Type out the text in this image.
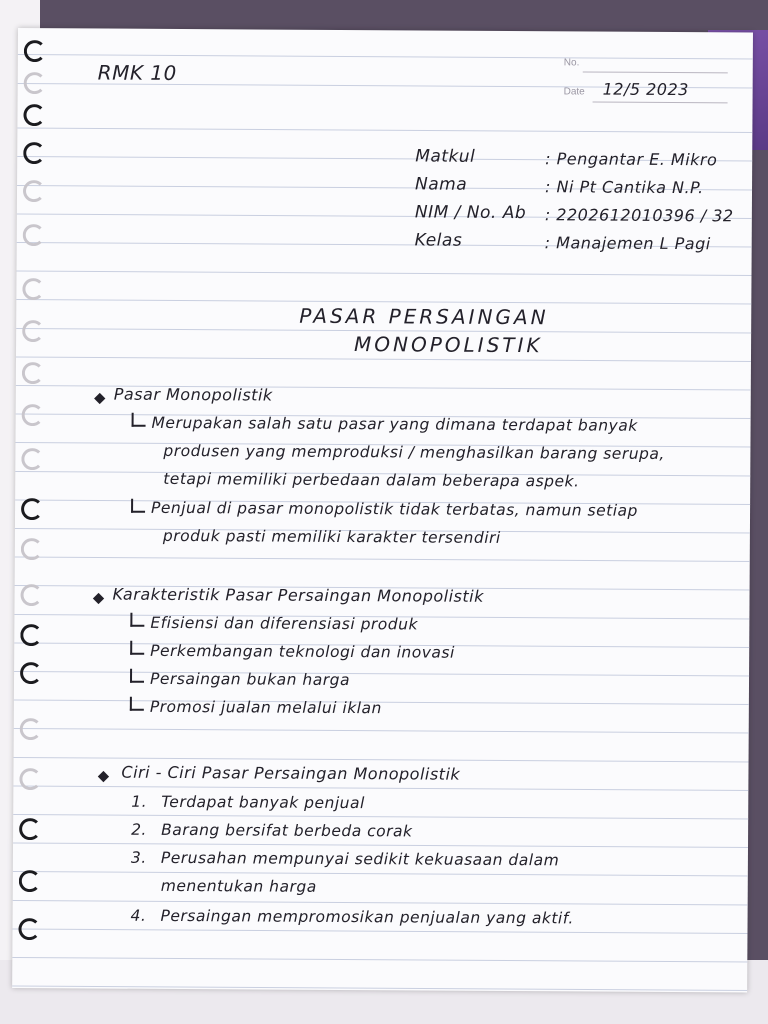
RMK 10	No.
Date 12/5 2023
Matkul	: Pengantar E. Mikro
Nama	: Ni Pt Cantika N.P.
NIM / No. Ab : 2202612010396 / 32
Kelas	: Manajemen L Pagi
PASAR PERSAINGAN
MONOPOLISTIK
Pasar Monopolistik
Merupakan salah satu pasar yang dimana terdapat banyak
produsen yang memproduksi / menghasilkan barang serupa,
tetapi memiliki perbedaan dalam beberapa aspek.
Penjual di pasar monopolistik tidak terbatas, namun setiap
produk pasti memiliki karakter tersendiri
Karakteristik Pasar Persaingan Monopolistik
Efisiensi dan diferensiasi produk
Perkembangan teknologi dan inovasi
Persaingan bukan harga
Promosi jualan melalui iklan
Ciri - Ciri Pasar Persaingan Monopolistik
1. Terdapat banyak penjual
2. Barang bersifat berbeda corak
3. Perusahan mempunyai sedikit kekuasaan dalam
menentukan harga
4. Persaingan mempromosikan penjualan yang aktif.
